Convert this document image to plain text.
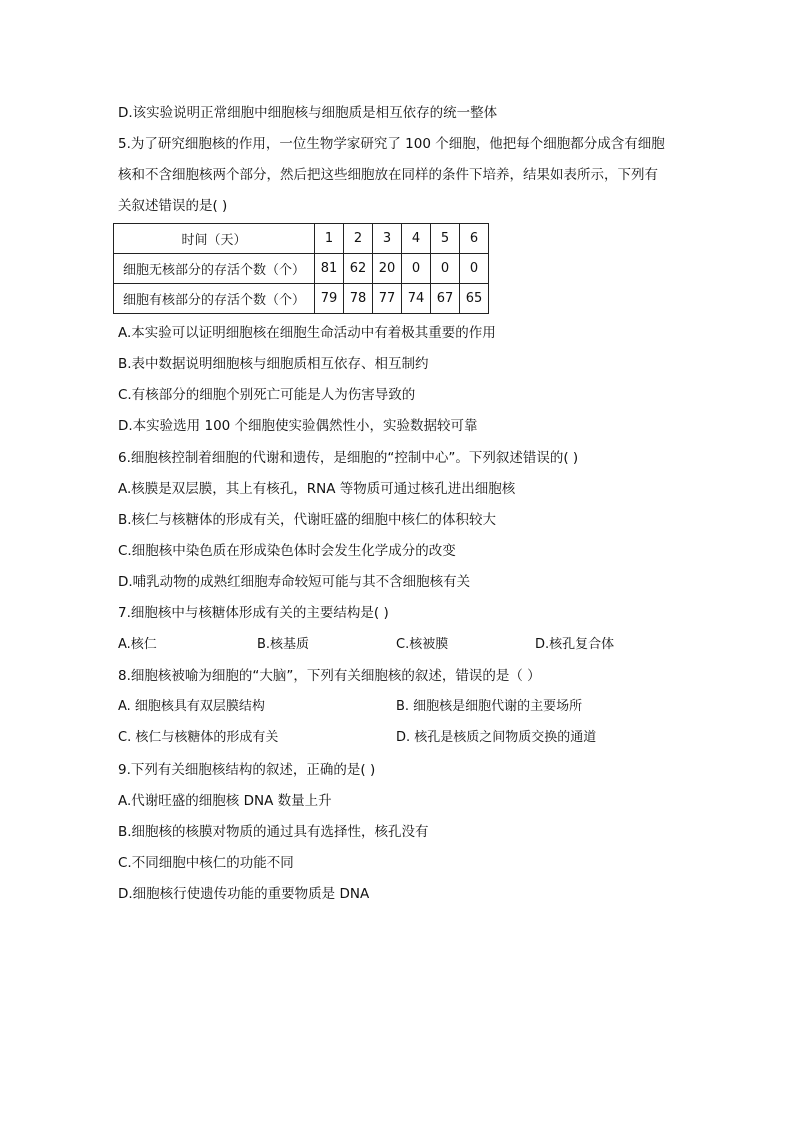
D.该实验说明正常细胞中细胞核与细胞质是相互依存的统一整体
5.为了研究细胞核的作用，一位生物学家研究了 100 个细胞，他把每个细胞都分成含有细胞
核和不含细胞核两个部分，然后把这些细胞放在同样的条件下培养，结果如表所示，下列有
关叙述错误的是( )
时间（天）	1	2	3	4	5	6
细胞无核部分的存活个数（个）	81	62	20	0	0	0
细胞有核部分的存活个数（个）	79	78	77	74	67	65
A.本实验可以证明细胞核在细胞生命活动中有着极其重要的作用
B.表中数据说明细胞核与细胞质相互依存、相互制约
C.有核部分的细胞个别死亡可能是人为伤害导致的
D.本实验选用 100 个细胞使实验偶然性小，实验数据较可靠
6.细胞核控制着细胞的代谢和遗传，是细胞的“控制中心”。下列叙述错误的( )
A.核膜是双层膜，其上有核孔，RNA 等物质可通过核孔进出细胞核
B.核仁与核糖体的形成有关，代谢旺盛的细胞中核仁的体积较大
C.细胞核中染色质在形成染色体时会发生化学成分的改变
D.哺乳动物的成熟红细胞寿命较短可能与其不含细胞核有关
7.细胞核中与核糖体形成有关的主要结构是( )
A.核仁	B.核基质	C.核被膜	D.核孔复合体
8.细胞核被喻为细胞的“大脑”，下列有关细胞核的叙述，错误的是（ ）
A. 细胞核具有双层膜结构	B. 细胞核是细胞代谢的主要场所
C. 核仁与核糖体的形成有关	D. 核孔是核质之间物质交换的通道
9.下列有关细胞核结构的叙述，正确的是( )
A.代谢旺盛的细胞核 DNA 数量上升
B.细胞核的核膜对物质的通过具有选择性，核孔没有
C.不同细胞中核仁的功能不同
D.细胞核行使遗传功能的重要物质是 DNA
